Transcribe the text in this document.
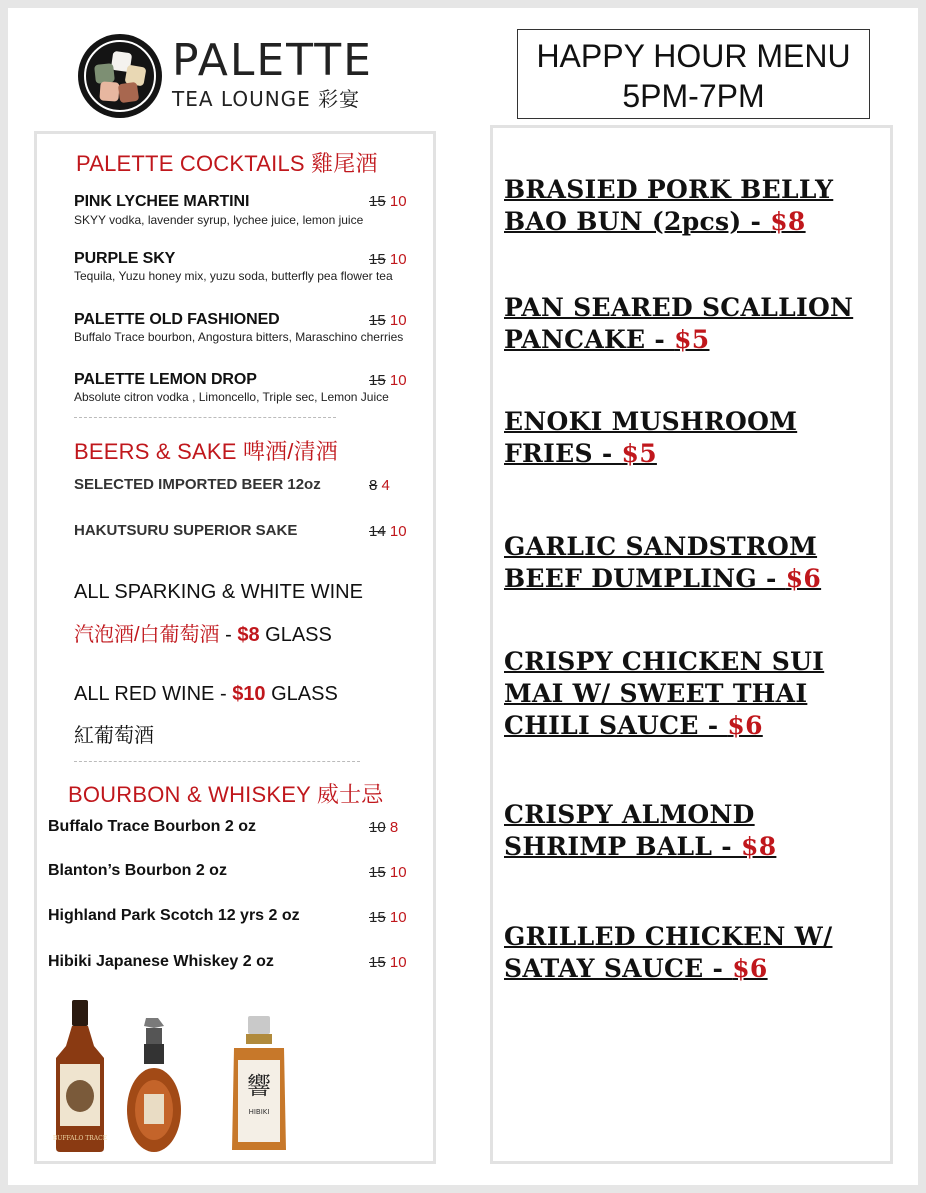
PALETTE
TEA LOUNGE 彩宴
HAPPY HOUR MENU
5PM-7PM
PALETTE COCKTAILS 雞尾酒
PINK LYCHEE MARTINI	15 10
SKYY vodka, lavender syrup, lychee juice, lemon juice
PURPLE SKY	15 10
Tequila, Yuzu honey mix, yuzu soda, butterfly pea flower tea
PALETTE OLD FASHIONED	15 10
Buffalo Trace bourbon, Angostura bitters, Maraschino cherries
PALETTE LEMON DROP	15 10
Absolute citron vodka , Limoncello, Triple sec, Lemon Juice
BEERS & SAKE 啤酒/清酒
SELECTED IMPORTED BEER 12oz	8 4
HAKUTSURU SUPERIOR SAKE	14 10
ALL SPARKING & WHITE WINE
汽泡酒/白葡萄酒 - $8 GLASS
ALL RED WINE - $10 GLASS
紅葡萄酒
BOURBON & WHISKEY 威士忌
Buffalo Trace Bourbon 2 oz	10 8
Blanton’s Bourbon 2 oz	15 10
Highland Park Scotch 12 yrs 2 oz	15 10
Hibiki Japanese Whiskey 2 oz	15 10
BUFFALO TRACE
響
HIBIKI
BRASIED PORK BELLY
BAO BUN (2pcs) - $8
PAN SEARED SCALLION
PANCAKE - $5
ENOKI MUSHROOM
FRIES - $5
GARLIC SANDSTROM
BEEF DUMPLING - $6
CRISPY CHICKEN SUI
MAI W/ SWEET THAI
CHILI SAUCE - $6
CRISPY ALMOND
SHRIMP BALL - $8
GRILLED CHICKEN W/
SATAY SAUCE - $6
